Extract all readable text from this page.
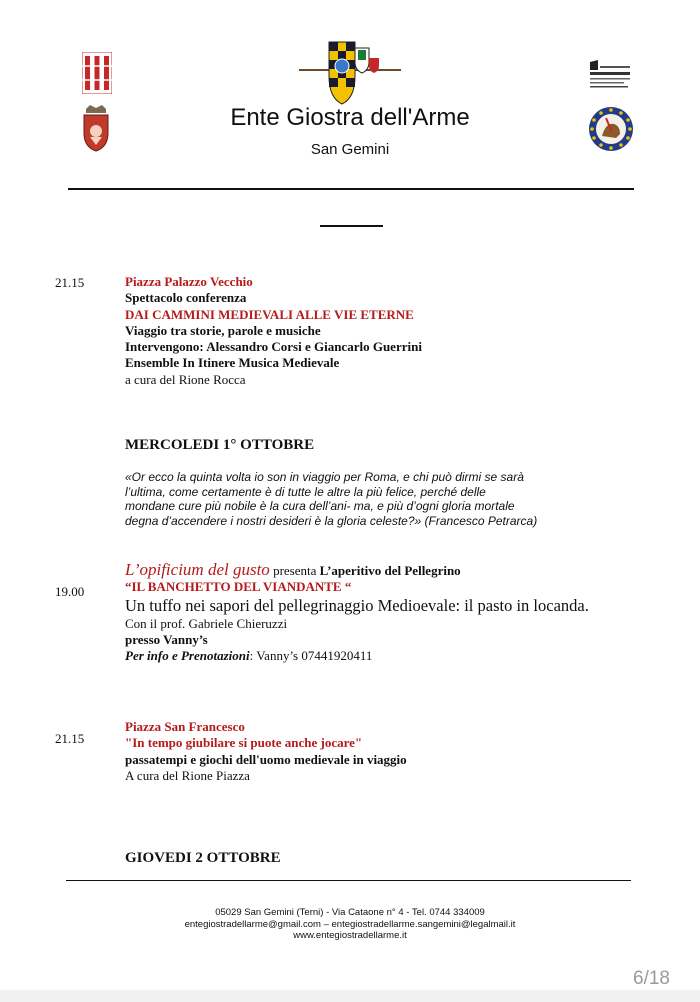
Ente Giostra dell'Arme
San Gemini
21.15	Piazza Palazzo Vecchio
Spettacolo conferenza
DAI CAMMINI MEDIEVALI ALLE VIE ETERNE
Viaggio tra storie, parole e musiche
Intervengono: Alessandro Corsi e Giancarlo Guerrini
Ensemble In Itinere Musica Medievale
a cura del Rione Rocca
MERCOLEDI 1° OTTOBRE

«Or ecco la quinta volta io son in viaggio per Roma, e chi può dirmi se sarà

l’ultima, come certamente è di tutte le altre la più felice, perché delle

mondane cure più nobile è la cura dell’ani- ma, e più d’ogni gloria mortale

degna d’accendere i nostri desideri è la gloria celeste?» (Francesco Petrarca)

19.00
L’opificium del gusto presenta L’aperitivo del Pellegrino
“IL BANCHETTO DEL VIANDANTE “
Un tuffo nei sapori del pellegrinaggio Medioevale: il pasto in locanda.
Con il prof. Gabriele Chieruzzi
presso Vanny’s
Per info e Prenotazioni: Vanny’s 07441920411
21.15
Piazza San Francesco
"In tempo giubilare si puote anche jocare"
passatempi e giochi dell'uomo medievale in viaggio
A cura del Rione Piazza
GIOVEDI 2 OTTOBRE
05029 San Gemini (Terni) - Via Cataone n° 4 - Tel. 0744 334009
entegiostradellarme@gmail.com – entegiostradellarme.sangemini@legalmail.it
www.entegiostradellarme.it
6/18
